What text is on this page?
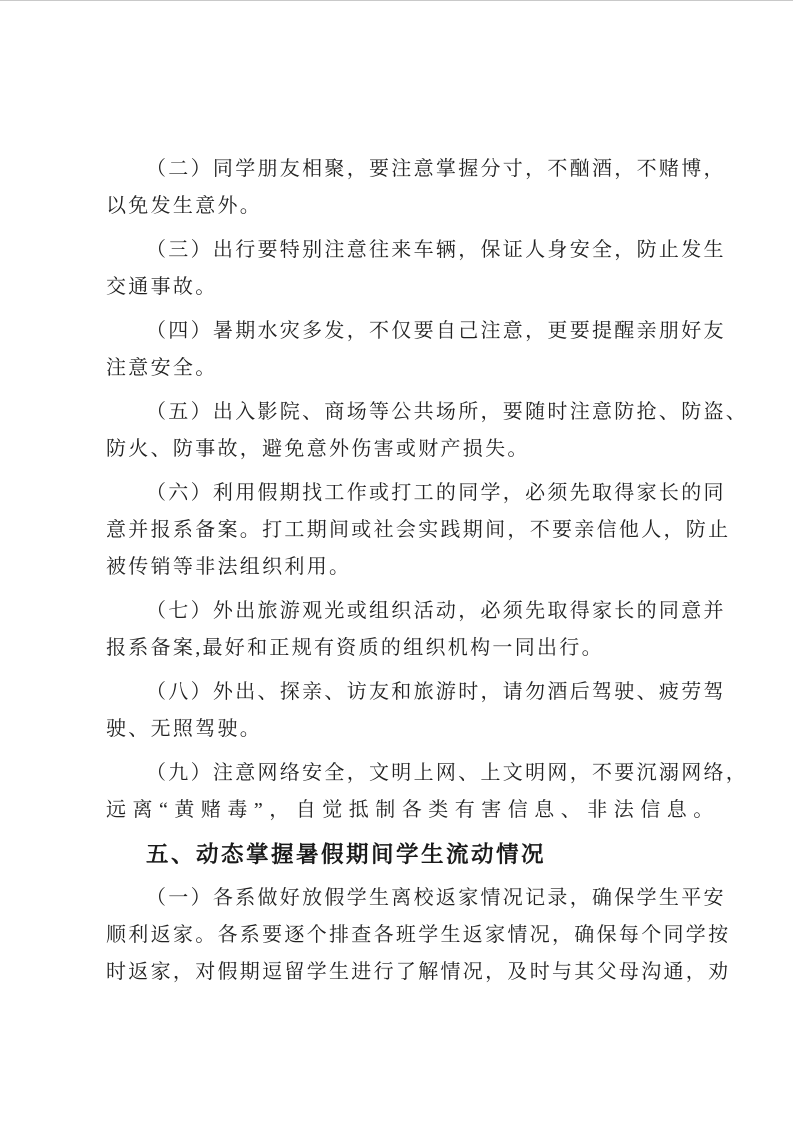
（二）同学朋友相聚，要注意掌握分寸，不酗酒，不赌博，
以免发生意外。
（三）出行要特别注意往来车辆，保证人身安全，防止发生
交通事故。
（四）暑期水灾多发，不仅要自己注意，更要提醒亲朋好友
注意安全。
（五）出入影院、商场等公共场所，要随时注意防抢、防盗、
防火、防事故，避免意外伤害或财产损失。
（六）利用假期找工作或打工的同学，必须先取得家长的同
意并报系备案。打工期间或社会实践期间，不要亲信他人，防止
被传销等非法组织利用。
（七）外出旅游观光或组织活动，必须先取得家长的同意并
报系备案,最好和正规有资质的组织机构一同出行。
（八）外出、探亲、访友和旅游时，请勿酒后驾驶、疲劳驾
驶、无照驾驶。
（九）注意网络安全，文明上网、上文明网，不要沉溺网络，
远离“黄赌毒”，自觉抵制各类有害信息、非法信息。
五、动态掌握暑假期间学生流动情况
（一）各系做好放假学生离校返家情况记录，确保学生平安
顺利返家。各系要逐个排查各班学生返家情况，确保每个同学按
时返家，对假期逗留学生进行了解情况，及时与其父母沟通，劝
